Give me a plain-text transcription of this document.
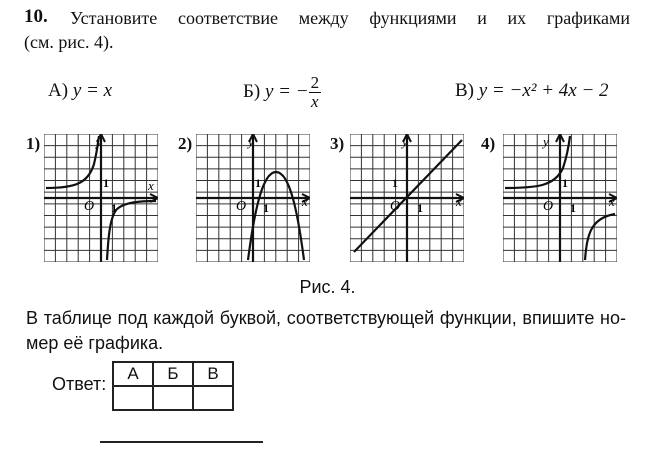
10. Установите соответствие между функциями и их графиками
(см. рис. 4).
А) y = x	Б) y = − $\frac{2}{x}$	В) y = −x² + 4x − 2
1)	2)	3)	4)
y
x
O
1
1
y
x
O
1
1
y
x
O
1
1
y
x
O
1
1
Рис. 4.
В таблице под каждой буквой, соответствующей функции, впишите но-
мер её графика.
Ответ:
А	Б	В
